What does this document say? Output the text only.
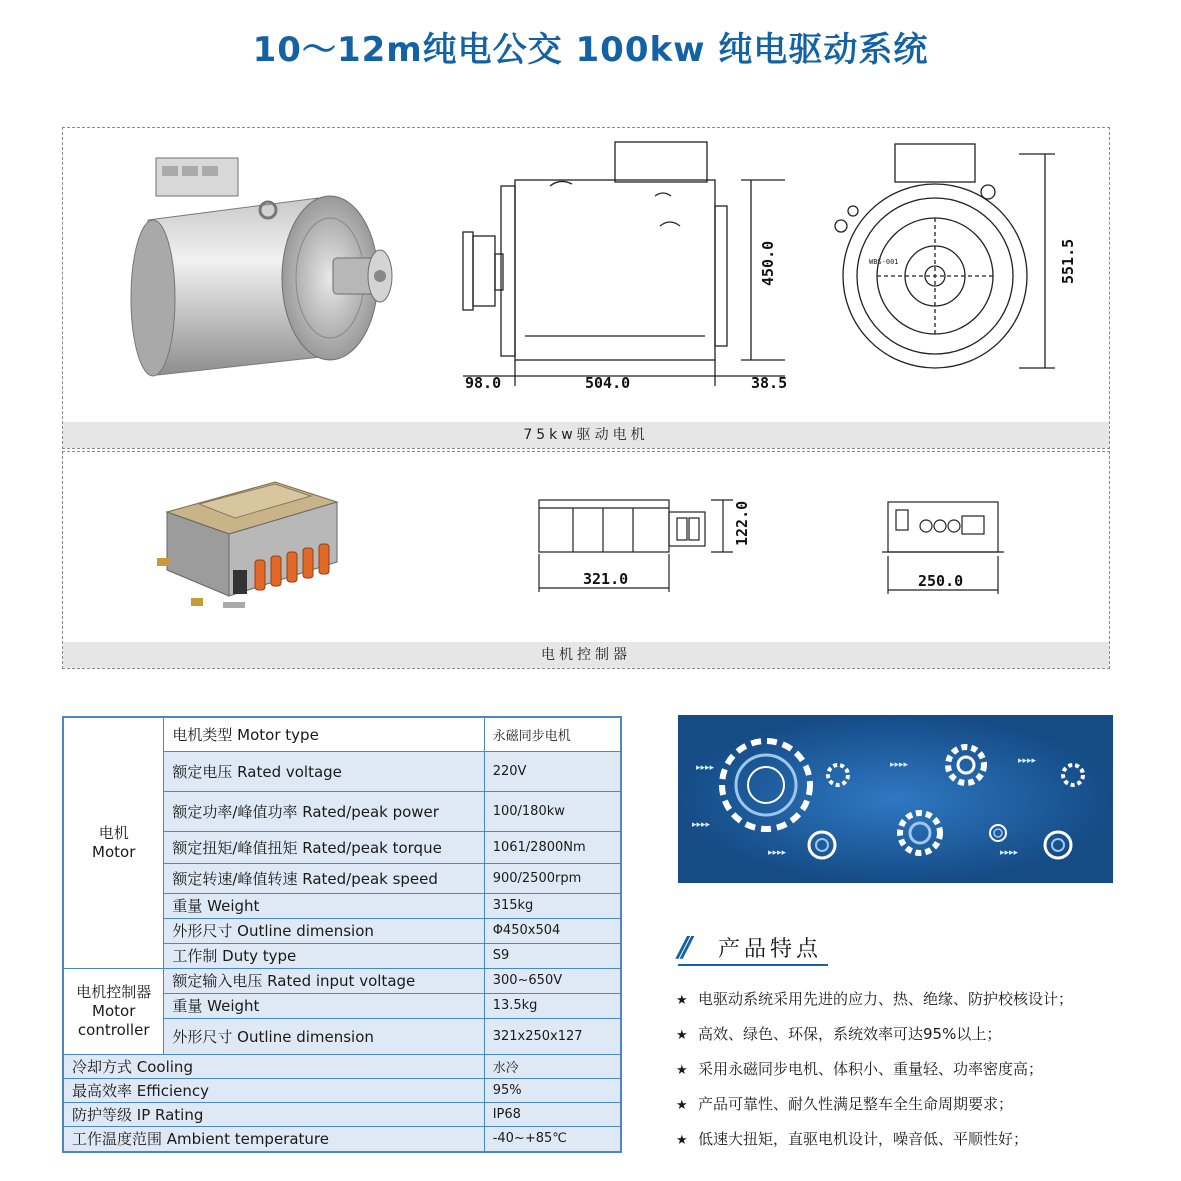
10～12m纯电公交 100kw 纯电驱动系统
98.0	504.0	38.5
450.0	WBS-001	551.5
75kw驱动电机
321.0
122.0
250.0
电机控制器
电机
Motor	电机类型 Motor type	永磁同步电机
	额定电压 Rated voltage	220V
	额定功率/峰值功率 Rated/peak power	100/180kw
	额定扭矩/峰值扭矩 Rated/peak torque	1061/2800Nm
	额定转速/峰值转速 Rated/peak speed	900/2500rpm
	重量 Weight	315kg
	外形尺寸 Outline dimension	Φ450x504
	工作制 Duty type	S9

电机控制器
Motor
controller	额定输入电压 Rated input voltage	300~650V
	重量 Weight	13.5kg
	外形尺寸 Outline dimension	321x250x127
冷却方式 Cooling		水冷
最高效率 Efficiency		95%
防护等级 IP Rating		IP68
工作温度范围 Ambient temperature		-40~+85℃
▸▸▸▸
▸▸▸▸
▸▸▸▸
▸▸▸▸	▸▸▸▸
▸▸▸▸
// 产品特点
★ 电驱动系统采用先进的应力、热、绝缘、防护校核设计；
★ 高效、绿色、环保，系统效率可达95%以上；
★ 采用永磁同步电机、体积小、重量轻、功率密度高；
★ 产品可靠性、耐久性满足整车全生命周期要求；
★ 低速大扭矩，直驱电机设计，噪音低、平顺性好；
